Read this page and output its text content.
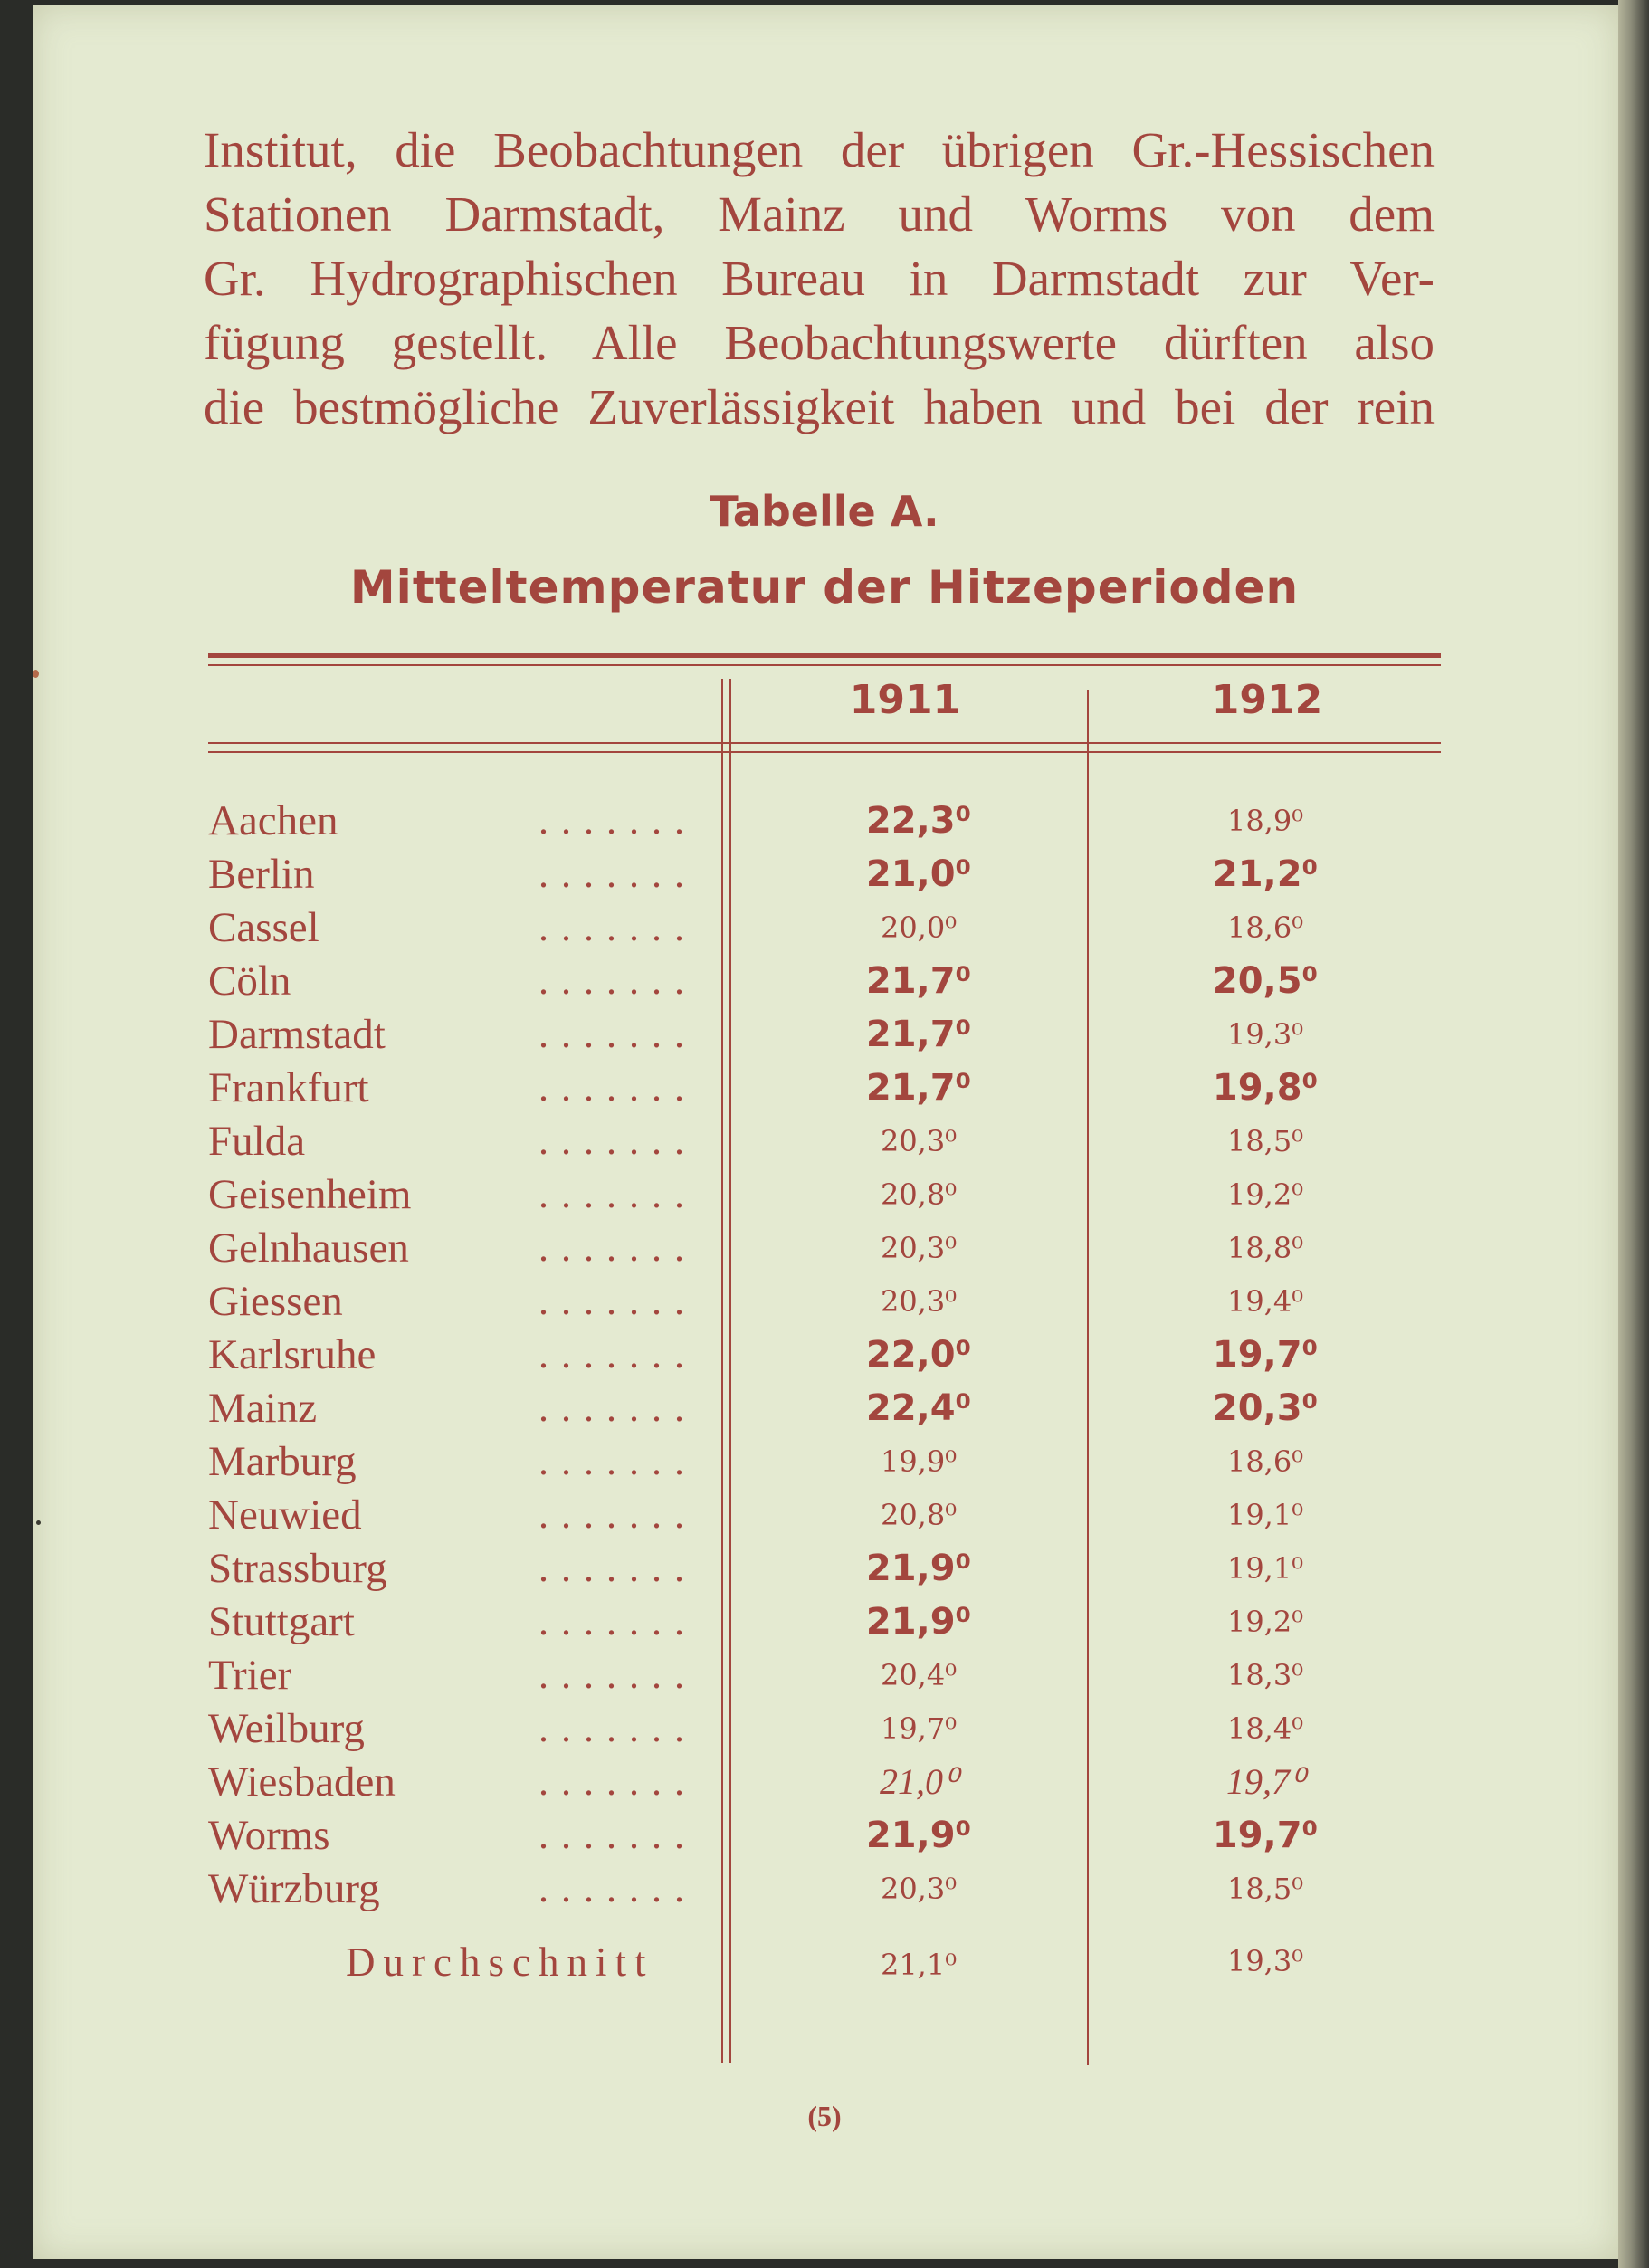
Institut, die Beobachtungen der übrigen Gr.-Hessischen

Stationen Darmstadt, Mainz und Worms von dem

Gr. Hydrographischen Bureau in Darmstadt zur Ver-

fügung gestellt. Alle Beobachtungswerte dürften also

die bestmögliche Zuverlässigkeit haben und bei der rein

Tabelle A.
Mitteltemperatur der Hitzeperioden
1911	1912
Aachen	.......	22,3⁰	18,9⁰
Berlin	.......	21,0⁰	21,2⁰
Cassel	.......	20,0⁰	18,6⁰
Cöln	.......	21,7⁰	20,5⁰
Darmstadt	.......	21,7⁰	19,3⁰
Frankfurt	.......	21,7⁰	19,8⁰
Fulda	.......	20,3⁰	18,5⁰
Geisenheim	.......	20,8⁰	19,2⁰
Gelnhausen	.......	20,3⁰	18,8⁰
Giessen	.......	20,3⁰	19,4⁰
Karlsruhe	.......	22,0⁰	19,7⁰
Mainz	.......	22,4⁰	20,3⁰
Marburg	.......	19,9⁰	18,6⁰
Neuwied	.......	20,8⁰	19,1⁰
Strassburg	.......	21,9⁰	19,1⁰
Stuttgart	.......	21,9⁰	19,2⁰
Trier	.......	20,4⁰	18,3⁰
Weilburg	.......	19,7⁰	18,4⁰
Wiesbaden	.......	21,0⁰	19,7⁰
Worms	.......	21,9⁰	19,7⁰
Würzburg	.......	20,3⁰	18,5⁰
Durchschnitt	21,1⁰	19,3⁰
(5)
